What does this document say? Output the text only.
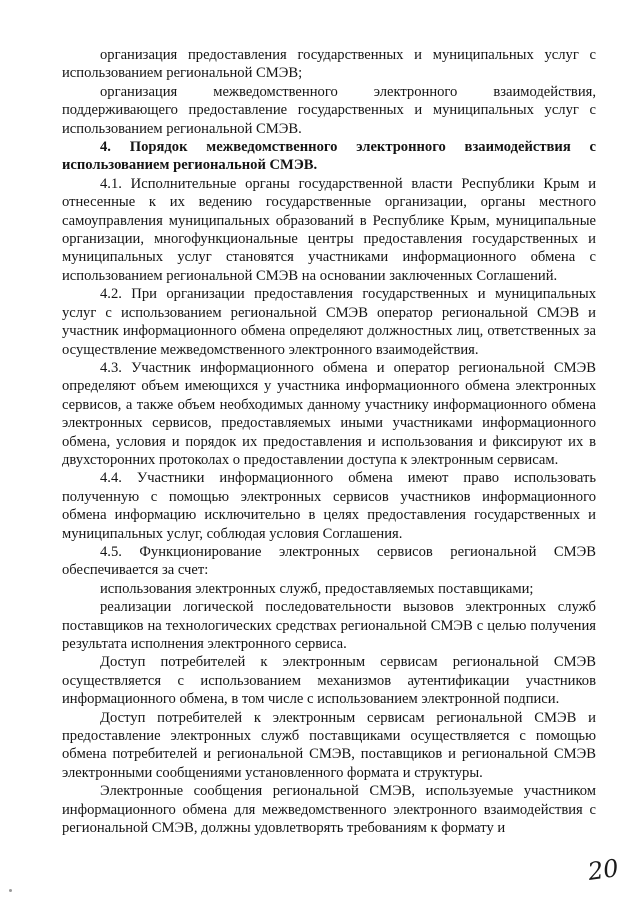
организация предоставления государственных и муниципальных услуг с использованием региональной СМЭВ;

организация межведомственного электронного взаимодействия, поддерживающего предоставление государственных и муниципальных услуг с использованием региональной СМЭВ.

4. Порядок межведомственного электронного взаимодействия с использованием региональной СМЭВ.

4.1. Исполнительные органы государственной власти Республики Крым и отнесенные к их ведению государственные организации, органы местного самоуправления муниципальных образований в Республике Крым, муниципальные организации, многофункциональные центры предоставления государственных и муниципальных услуг становятся участниками информационного обмена с использованием региональной СМЭВ на основании заключенных Соглашений.

4.2. При организации предоставления государственных и муниципальных услуг с использованием региональной СМЭВ оператор региональной СМЭВ и участник информационного обмена определяют должностных лиц, ответственных за осуществление межведомственного электронного взаимодействия.

4.3. Участник информационного обмена и оператор региональной СМЭВ определяют объем имеющихся у участника информационного обмена электронных сервисов, а также объем необходимых данному участнику информационного обмена электронных сервисов, предоставляемых иными участниками информационного обмена, условия и порядок их предоставления и использования и фиксируют их в двухсторонних протоколах о предоставлении доступа к электронным сервисам.

4.4. Участники информационного обмена имеют право использовать полученную с помощью электронных сервисов участников информационного обмена информацию исключительно в целях предоставления государственных и муниципальных услуг, соблюдая условия Соглашения.

4.5. Функционирование электронных сервисов региональной СМЭВ обеспечивается за счет:

использования электронных служб, предоставляемых поставщиками;

реализации логической последовательности вызовов электронных служб поставщиков на технологических средствах региональной СМЭВ с целью получения результата исполнения электронного сервиса.

Доступ потребителей к электронным сервисам региональной СМЭВ осуществляется с использованием механизмов аутентификации участников информационного обмена, в том числе с использованием электронной подписи.

Доступ потребителей к электронным сервисам региональной СМЭВ и предоставление электронных служб поставщиками осуществляется с помощью обмена потребителей и региональной СМЭВ, поставщиков и региональной СМЭВ электронными сообщениями установленного формата и структуры.

Электронные сообщения региональной СМЭВ, используемые участником информационного обмена для межведомственного электронного взаимодействия с региональной СМЭВ, должны удовлетворять требованиям к формату и

20
